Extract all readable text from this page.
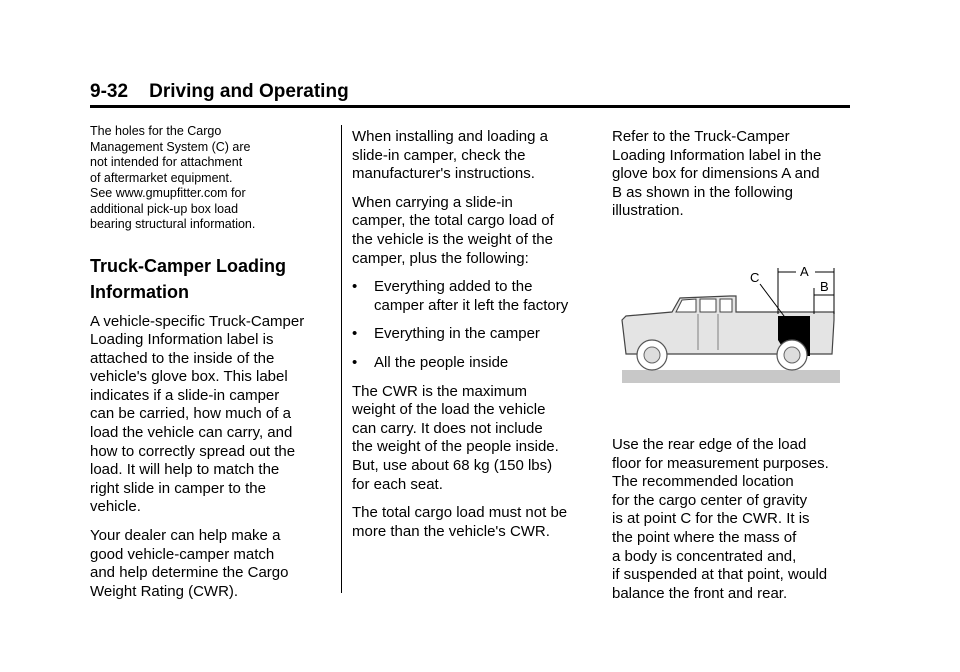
9-32 Driving and Operating

The holes for the Cargo
Management System (C) are
not intended for attachment
of aftermarket equipment.
See www.gmupfitter.com for
additional pick-up box load
bearing structural information.

Truck-Camper Loading
Information

A vehicle-specific Truck-Camper
Loading Information label is
attached to the inside of the
vehicle's glove box. This label
indicates if a slide-in camper
can be carried, how much of a
load the vehicle can carry, and
how to correctly spread out the
load. It will help to match the
right slide in camper to the
vehicle.

Your dealer can help make a
good vehicle-camper match
and help determine the Cargo
Weight Rating (CWR).

When installing and loading a
slide-in camper, check the
manufacturer's instructions.

When carrying a slide-in
camper, the total cargo load of
the vehicle is the weight of the
camper, plus the following:

•	Everything added to the
camper after it left the factory
•	Everything in the camper
•	All the people inside

The CWR is the maximum
weight of the load the vehicle
can carry. It does not include
the weight of the people inside.
But, use about 68 kg (150 lbs)
for each seat.

The total cargo load must not be
more than the vehicle's CWR.

Refer to the Truck-Camper
Loading Information label in the
glove box for dimensions A and
B as shown in the following
illustration.

C	A
B

Use the rear edge of the load
floor for measurement purposes.
The recommended location
for the cargo center of gravity
is at point C for the CWR. It is
the point where the mass of
a body is concentrated and,
if suspended at that point, would
balance the front and rear.
